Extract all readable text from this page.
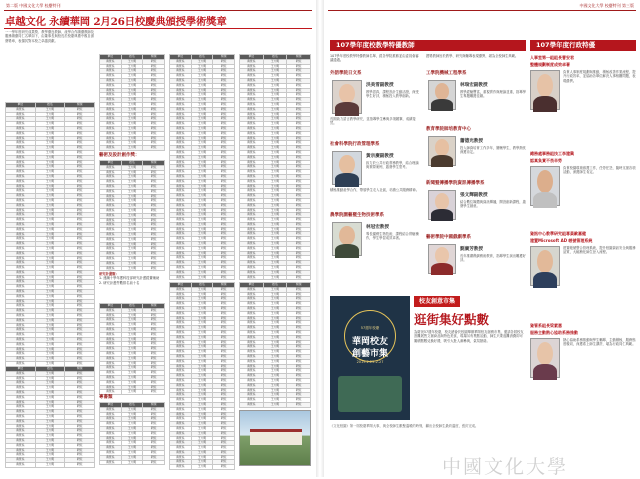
第二版 中國文化大學 校慶特刊
卓越文化 永續華岡 2月26日校慶典頒授學術獎章
一一學年度研究成果獎、教學優良教師、產學合作績優教師及服務績優同仁名單如下，由董事長與校長於校慶典禮中親自頒發獎章，表揚其對本校之卓越貢獻。
單位	姓名	獎項
資管系	王大明	研究
資管系	王大明	研究
資管系	王大明	研究
資管系	王大明	研究
資管系	王大明	研究
資管系	王大明	研究
資管系	王大明	研究
資管系	王大明	研究
資管系	王大明	研究
資管系	王大明	研究
資管系	王大明	研究
資管系	王大明	研究
資管系	王大明	研究
資管系	王大明	研究
資管系	王大明	研究
資管系	王大明	研究
資管系	王大明	研究
資管系	王大明	研究
資管系	王大明	研究
資管系	王大明	研究
資管系	王大明	研究
資管系	王大明	研究
資管系	王大明	研究
資管系	王大明	研究
資管系	王大明	研究
資管系	王大明	研究
資管系	王大明	研究
資管系	王大明	研究
資管系	王大明	研究
資管系	王大明	研究
資管系	王大明	研究
資管系	王大明	研究
資管系	王大明	研究
資管系	王大明	研究
資管系	王大明	研究
資管系	王大明	研究
資管系	王大明	研究
資管系	王大明	研究
資管系	王大明	研究
資管系	王大明	研究
資管系	王大明	研究
資管系	王大明	研究
資管系	王大明	研究
資管系	王大明	研究
資管系	王大明	研究
資管系	王大明	研究
資管系	王大明	研究
資管系	王大明	研究
資管系	王大明	研究
資管系	王大明	研究
資管系	王大明	研究
資管系	王大明	研究
資管系	王大明	研究
資管系	王大明	研究
單位	姓名	獎項
資管系	王大明	研究
資管系	王大明	研究
資管系	王大明	研究
資管系	王大明	研究
資管系	王大明	研究
資管系	王大明	研究
資管系	王大明	研究
資管系	王大明	研究
資管系	王大明	研究
資管系	王大明	研究
資管系	王大明	研究
資管系	王大明	研究
資管系	王大明	研究
資管系	王大明	研究
資管系	王大明	研究
資管系	王大明	研究
資管系	王大明	研究
資管系	王大明	研究
資管系	王大明	研究
資管系	王大明	研究
單位	姓名	獎項
資管系	王大明	研究
資管系	王大明	研究
資管系	王大明	研究
資管系	王大明	研究
資管系	王大明	研究
資管系	王大明	研究
資管系	王大明	研究
資管系	王大明	研究
資管系	王大明	研究
資管系	王大明	研究
資管系	王大明	研究
資管系	王大明	研究
資管系	王大明	研究
資管系	王大明	研究
資管系	王大明	研究
資管系	王大明	研究
資管系	王大明	研究
資管系	王大明	研究
資管系	王大明	研究
藝術及設計創作獎：
單位	姓名	獎項
資管系	王大明	研究
資管系	王大明	研究
資管系	王大明	研究
資管系	王大明	研究
資管系	王大明	研究
資管系	王大明	研究
資管系	王大明	研究
資管系	王大明	研究
資管系	王大明	研究
資管系	王大明	研究
資管系	王大明	研究
資管系	王大明	研究
資管系	王大明	研究
資管系	王大明	研究
資管系	王大明	研究
資管系	王大明	研究
資管系	王大明	研究
資管系	王大明	研究
資管系	王大明	研究
資管系	王大明	研究
資管系	王大明	研究
資管系	王大明	研究
研究計畫類：
1. 連續十學年獲科技部研究計畫經費補助
2. 研究計畫件數排名前十名
單位	姓名	獎項
資管系	王大明	研究
資管系	王大明	研究
資管系	王大明	研究
資管系	王大明	研究
資管系	王大明	研究
資管系	王大明	研究
資管系	王大明	研究
資管系	王大明	研究
資管系	王大明	研究
資管系	王大明	研究
資管系	王大明	研究
資管系	王大明	研究
資管系	王大明	研究
資管系	王大明	研究
資管系	王大明	研究
資管系	王大明	研究
資管系	王大明	研究
資管系	王大明	研究
專書類
單位	姓名	獎項
資管系	王大明	研究
資管系	王大明	研究
資管系	王大明	研究
資管系	王大明	研究
資管系	王大明	研究
資管系	王大明	研究
資管系	王大明	研究
資管系	王大明	研究
資管系	王大明	研究
資管系	王大明	研究
資管系	王大明	研究
資管系	王大明	研究
單位	姓名	獎項
資管系	王大明	研究
資管系	王大明	研究
資管系	王大明	研究
資管系	王大明	研究
資管系	王大明	研究
資管系	王大明	研究
資管系	王大明	研究
資管系	王大明	研究
資管系	王大明	研究
資管系	王大明	研究
資管系	王大明	研究
資管系	王大明	研究
資管系	王大明	研究
資管系	王大明	研究
資管系	王大明	研究
資管系	王大明	研究
資管系	王大明	研究
資管系	王大明	研究
資管系	王大明	研究
資管系	王大明	研究
資管系	王大明	研究
資管系	王大明	研究
資管系	王大明	研究
資管系	王大明	研究
資管系	王大明	研究
資管系	王大明	研究
資管系	王大明	研究
資管系	王大明	研究
資管系	王大明	研究
資管系	王大明	研究
資管系	王大明	研究
資管系	王大明	研究
資管系	王大明	研究
資管系	王大明	研究
資管系	王大明	研究
資管系	王大明	研究
資管系	王大明	研究
資管系	王大明	研究
資管系	王大明	研究
資管系	王大明	研究
資管系	王大明	研究
資管系	王大明	研究
資管系	王大明	研究
資管系	王大明	研究
資管系	王大明	研究
資管系	王大明	研究
單位	姓名	獎項
資管系	王大明	研究
資管系	王大明	研究
資管系	王大明	研究
資管系	王大明	研究
資管系	王大明	研究
資管系	王大明	研究
資管系	王大明	研究
資管系	王大明	研究
資管系	王大明	研究
資管系	王大明	研究
資管系	王大明	研究
資管系	王大明	研究
資管系	王大明	研究
資管系	王大明	研究
資管系	王大明	研究
資管系	王大明	研究
資管系	王大明	研究
資管系	王大明	研究
資管系	王大明	研究
資管系	王大明	研究
資管系	王大明	研究
資管系	王大明	研究
資管系	王大明	研究
資管系	王大明	研究
資管系	王大明	研究
資管系	王大明	研究
資管系	王大明	研究
資管系	王大明	研究
資管系	王大明	研究
資管系	王大明	研究
資管系	王大明	研究
資管系	王大明	研究
資管系	王大明	研究
資管系	王大明	研究
資管系	王大明	研究
資管系	王大明	研究
資管系	王大明	研究
資管系	王大明	研究
單位	姓名	獎項
資管系	王大明	研究
資管系	王大明	研究
資管系	王大明	研究
資管系	王大明	研究
資管系	王大明	研究
資管系	王大明	研究
資管系	王大明	研究
資管系	王大明	研究
資管系	王大明	研究
資管系	王大明	研究
資管系	王大明	研究
資管系	王大明	研究
資管系	王大明	研究
資管系	王大明	研究
資管系	王大明	研究
資管系	王大明	研究
資管系	王大明	研究
資管系	王大明	研究
資管系	王大明	研究
資管系	王大明	研究
資管系	王大明	研究
資管系	王大明	研究
資管系	王大明	研究
資管系	王大明	研究
資管系	王大明	研究
資管系	王大明	研究
資管系	王大明	研究
資管系	王大明	研究
資管系	王大明	研究
資管系	王大明	研究
資管系	王大明	研究
資管系	王大明	研究
資管系	王大明	研究
資管系	王大明	研究
資管系	王大明	研究
資管系	王大明	研究
資管系	王大明	研究
資管系	王大明	研究
資管系	王大明	研究
資管系	王大明	研究
資管系	王大明	研究
資管系	王大明	研究
資管系	王大明	研究
資管系	王大明	研究
資管系	王大明	研究
資管系	王大明	研究
單位	姓名	獎項
資管系	王大明	研究
資管系	王大明	研究
資管系	王大明	研究
資管系	王大明	研究
資管系	王大明	研究
資管系	王大明	研究
資管系	王大明	研究
資管系	王大明	研究
資管系	王大明	研究
資管系	王大明	研究
資管系	王大明	研究
資管系	王大明	研究
資管系	王大明	研究
資管系	王大明	研究
資管系	王大明	研究
資管系	王大明	研究
資管系	王大明	研究
資管系	王大明	研究
資管系	王大明	研究
資管系	王大明	研究
資管系	王大明	研究
資管系	王大明	研究
資管系	王大明	研究
資管系	王大明	研究
資管系	王大明	研究
中國文化大學 校慶特刊 第三版
107學年度校教學特優教師	107學年度行政特優
107學年度校教學特優教師名單，經各學院推薦並由委員會審議通過。
外語學院日文系
洪美雪副教授
教學認真，課程設計生動活潑，深受學生好評，積極投入教學創新。
長期致力語言教學研究，並指導學生參與多項競賽，成績斐然。
社會科學院行政管理學系
黃宗慶副教授
致力於公共行政實務教學，結合理論與實際案例，啟發學生思考。
積極推動產學合作，帶領學生走入社區，培養公共服務精神。
農學院園藝暨生物技術學系
林冠宏教授
專長園藝生物技術，課程結合實驗操作，學生學習成效卓著。
獲獎教師皆於教學、研究與輔導表現優異，堪為全校師生典範。
工學院機械工程學系
林瑞宏副教授
教學經驗豐富，重視實作與理論並重，指導學生專題屢獲佳績。
教育學院師培教育中心
蕭德光教授
投入師資培育工作多年，關懷學生，教學熱忱深獲肯定。
新聞暨傳播學院資訊傳播學系
張文輝副教授
結合數位媒體與資訊傳播，開設創新課程，啟發學生創意。
藝術學院中國戲劇學系
劉廣芳教授
長年推廣戲劇藝術教育，指導學生演出屢獲好評。
人事室第一組組長曹安君
整體規劃制度成效卓著
負責人事制度規劃與推動，積極改善作業流程，提升行政效率，並協助各單位解決人事相關問題，表現優異。
總務處事務組技工李建興
認真負責不畏辛勞
負責校園環境維護工作，任勞任怨，隨時支援各項活動，深獲師生肯定。
資訊中心教學研究組專員歐嘉健
建置Microsoft AD 帳號管理系統
建置帳號整合管理系統，提升校園資訊安全與服務品質，大幅簡化師生登入流程。
資管系組長梁素惠
服務主動熱心協助系務推動
熱心協助系務推動與學生輔導，主動積極，服務態度親切，深獲系上師生讚許，堪為行政同仁典範。
57週年校慶
華岡校友
創藝市集
2019.2.25-2.27
校友創意市集
逛街集好點數
為慶祝57週年校慶，校友總會於校園舉辦華岡校友創藝市集，邀請各屆校友設攤展售文創商品與特色美食，現場另有集點活動，師生只要逛攤消費即可累積點數兌換好禮，吸引大批人潮參與，氣氛熱絡。
《文化校園》第一屆校慶華岡大事，與全校師生歡聚溫暖的時刻，翻出全校師生最終溫度，張釘完成。
中國文化大學
